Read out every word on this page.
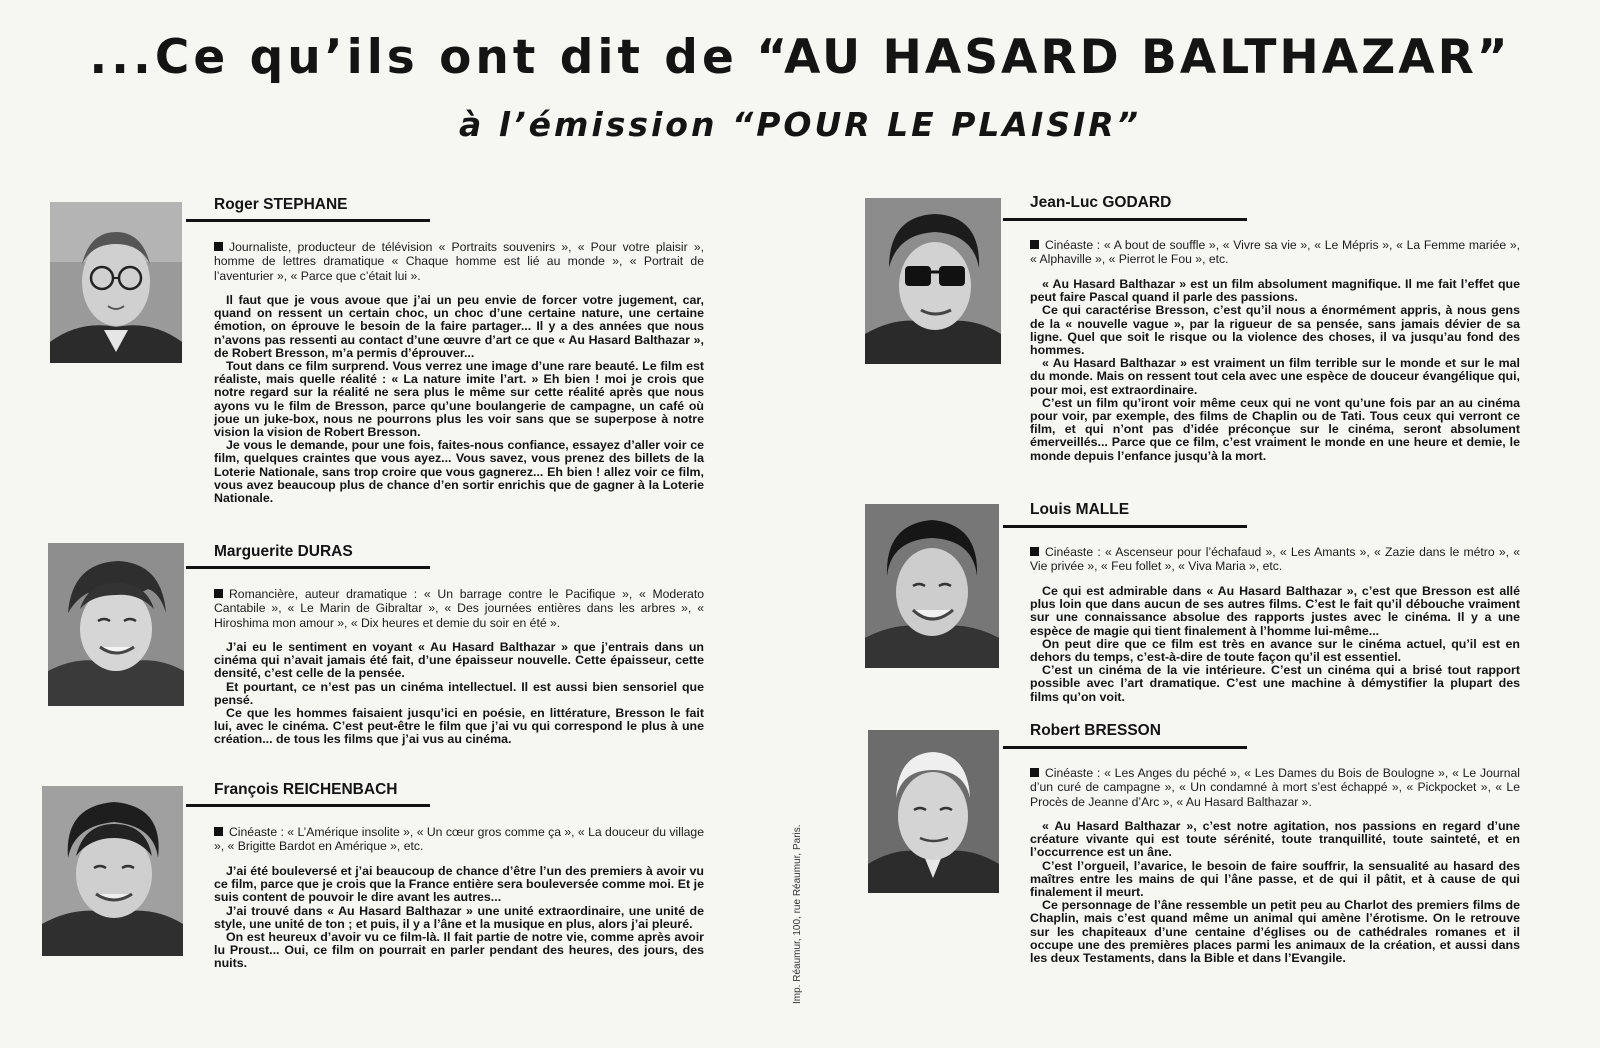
...Ce qu’ils ont dit de “AU HASARD BALTHAZAR”
à l’émission “POUR LE PLAISIR”
Roger STEPHANE
Journaliste, producteur de télévision « Portraits souvenirs », « Pour votre plaisir », homme de lettres dramatique « Chaque homme est lié au monde », « Portrait de l’aventurier », « Parce que c’était lui ».

Il faut que je vous avoue que j’ai un peu envie de forcer votre jugement, car, quand on ressent un certain choc, un choc d’une certaine nature, une certaine émotion, on éprouve le besoin de la faire partager... Il y a des années que nous n’avons pas ressenti au contact d’une œuvre d’art ce que « Au Hasard Balthazar », de Robert Bresson, m’a permis d’éprouver...

Tout dans ce film surprend. Vous verrez une image d’une rare beauté. Le film est réaliste, mais quelle réalité : « La nature imite l’art. » Eh bien ! moi je crois que notre regard sur la réalité ne sera plus le même sur cette réalité après que nous ayons vu le film de Bresson, parce qu’une boulangerie de campagne, un café où joue un juke-box, nous ne pourrons plus les voir sans que se superpose à notre vision la vision de Robert Bresson.

Je vous le demande, pour une fois, faites-nous confiance, essayez d’aller voir ce film, quelques craintes que vous ayez... Vous savez, vous prenez des billets de la Loterie Nationale, sans trop croire que vous gagnerez... Eh bien ! allez voir ce film, vous avez beaucoup plus de chance d’en sortir enrichis que de gagner à la Loterie Nationale.

Marguerite DURAS
Romancière, auteur dramatique : « Un barrage contre le Pacifique », « Moderato Cantabile », « Le Marin de Gibraltar », « Des journées entières dans les arbres », « Hiroshima mon amour », « Dix heures et demie du soir en été ».

J’ai eu le sentiment en voyant « Au Hasard Balthazar » que j’entrais dans un cinéma qui n’avait jamais été fait, d’une épaisseur nouvelle. Cette épaisseur, cette densité, c’est celle de la pensée.

Et pourtant, ce n’est pas un cinéma intellectuel. Il est aussi bien sensoriel que pensé.

Ce que les hommes faisaient jusqu’ici en poésie, en littérature, Bresson le fait lui, avec le cinéma. C’est peut-être le film que j’ai vu qui correspond le plus à une création... de tous les films que j’ai vus au cinéma.

François REICHENBACH
Cinéaste : « L’Amérique insolite », « Un cœur gros comme ça », « La douceur du village », « Brigitte Bardot en Amérique », etc.

J’ai été bouleversé et j’ai beaucoup de chance d’être l’un des premiers à avoir vu ce film, parce que je crois que la France entière sera bouleversée comme moi. Et je suis content de pouvoir le dire avant les autres...

J’ai trouvé dans « Au Hasard Balthazar » une unité extraordinaire, une unité de style, une unité de ton ; et puis, il y a l’âne et la musique en plus, alors j’ai pleuré.

On est heureux d’avoir vu ce film-là. Il fait partie de notre vie, comme après avoir lu Proust... Oui, ce film on pourrait en parler pendant des heures, des jours, des nuits.	Imp. Réaumur, 100, rue Réaumur, Paris.
Jean-Luc GODARD
Cinéaste : « A bout de souffle », « Vivre sa vie », « Le Mépris », « La Femme mariée », « Alphaville », « Pierrot le Fou », etc.

« Au Hasard Balthazar » est un film absolument magnifique. Il me fait l’effet que peut faire Pascal quand il parle des passions.

Ce qui caractérise Bresson, c’est qu’il nous a énormément appris, à nous gens de la « nouvelle vague », par la rigueur de sa pensée, sans jamais dévier de sa ligne. Quel que soit le risque ou la violence des choses, il va jusqu’au fond des hommes.

« Au Hasard Balthazar » est vraiment un film terrible sur le monde et sur le mal du monde. Mais on ressent tout cela avec une espèce de douceur évangélique qui, pour moi, est extraordinaire.

C’est un film qu’iront voir même ceux qui ne vont qu’une fois par an au cinéma pour voir, par exemple, des films de Chaplin ou de Tati. Tous ceux qui verront ce film, et qui n’ont pas d’idée préconçue sur le cinéma, seront absolument émerveillés... Parce que ce film, c’est vraiment le monde en une heure et demie, le monde depuis l’enfance jusqu’à la mort.

Louis MALLE
Cinéaste : « Ascenseur pour l’échafaud », « Les Amants », « Zazie dans le métro », « Vie privée », « Feu follet », « Viva Maria », etc.

Ce qui est admirable dans « Au Hasard Balthazar », c’est que Bresson est allé plus loin que dans aucun de ses autres films. C’est le fait qu’il débouche vraiment sur une connaissance absolue des rapports justes avec le cinéma. Il y a une espèce de magie qui tient finalement à l’homme lui-même...

On peut dire que ce film est très en avance sur le cinéma actuel, qu’il est en dehors du temps, c’est-à-dire de toute façon qu’il est essentiel.

C’est un cinéma de la vie intérieure. C’est un cinéma qui a brisé tout rapport possible avec l’art dramatique. C’est une machine à démystifier la plupart des films qu’on voit.

Robert BRESSON
Cinéaste : « Les Anges du péché », « Les Dames du Bois de Boulogne », « Le Journal d’un curé de campagne », « Un condamné à mort s’est échappé », « Pickpocket », « Le Procès de Jeanne d’Arc », « Au Hasard Balthazar ».

« Au Hasard Balthazar », c’est notre agitation, nos passions en regard d’une créature vivante qui est toute sérénité, toute tranquillité, toute sainteté, et en l’occurrence est un âne.

C’est l’orgueil, l’avarice, le besoin de faire souffrir, la sensualité au hasard des maîtres entre les mains de qui l’âne passe, et de qui il pâtit, et à cause de qui finalement il meurt.

Ce personnage de l’âne ressemble un petit peu au Charlot des premiers films de Chaplin, mais c’est quand même un animal qui amène l’érotisme. On le retrouve sur les chapiteaux d’une centaine d’églises ou de cathédrales romanes et il occupe une des premières places parmi les animaux de la création, et aussi dans les deux Testaments, dans la Bible et dans l’Evangile.
